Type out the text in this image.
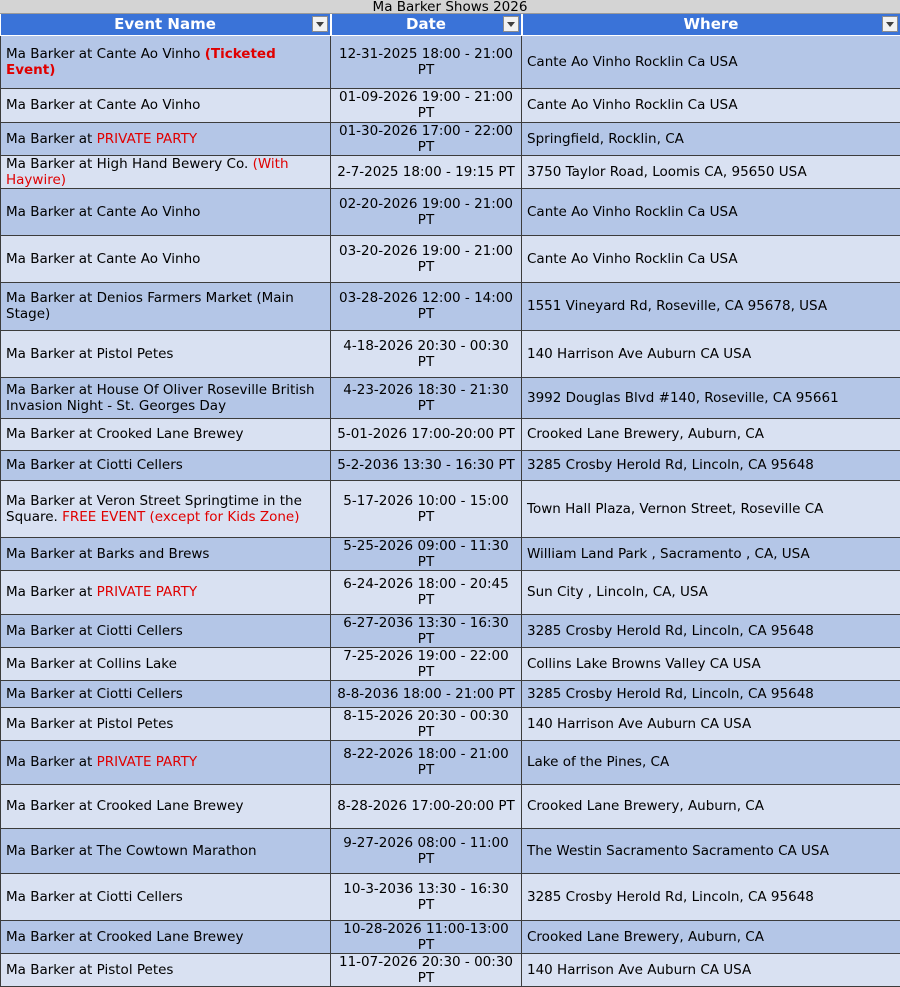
Ma Barker Shows 2026
Event Name	Date	Where

Ma Barker at Cante Ao Vinho (Ticketed Event)	12-31-2025 18:00 - 21:00 PT	Cante Ao Vinho Rocklin Ca USA
Ma Barker at Cante Ao Vinho	01-09-2026 19:00 - 21:00 PT	Cante Ao Vinho Rocklin Ca USA
Ma Barker at PRIVATE PARTY	01-30-2026 17:00 - 22:00 PT	Springfield, Rocklin, CA
Ma Barker at High Hand Bewery Co. (With Haywire)	2-7-2025 18:00 - 19:15 PT	3750 Taylor Road, Loomis CA, 95650 USA
Ma Barker at Cante Ao Vinho	02-20-2026 19:00 - 21:00 PT	Cante Ao Vinho Rocklin Ca USA
Ma Barker at Cante Ao Vinho	03-20-2026 19:00 - 21:00 PT	Cante Ao Vinho Rocklin Ca USA
Ma Barker at Denios Farmers Market (Main Stage)	03-28-2026 12:00 - 14:00 PT	1551 Vineyard Rd, Roseville, CA 95678, USA
Ma Barker at Pistol Petes	4-18-2026 20:30 - 00:30 PT	140 Harrison Ave Auburn CA USA
Ma Barker at House Of Oliver Roseville British Invasion Night - St. Georges Day	4-23-2026 18:30 - 21:30 PT	3992 Douglas Blvd #140, Roseville, CA 95661
Ma Barker at Crooked Lane Brewey	5-01-2026 17:00-20:00 PT	Crooked Lane Brewery, Auburn, CA
Ma Barker at Ciotti Cellers	5-2-2036 13:30 - 16:30 PT	3285 Crosby Herold Rd, Lincoln, CA 95648
Ma Barker at Veron Street Springtime in the Square. FREE EVENT (except for Kids Zone)	5-17-2026 10:00 - 15:00 PT	Town Hall Plaza, Vernon Street, Roseville CA
Ma Barker at Barks and Brews	5-25-2026 09:00 - 11:30 PT	William Land Park , Sacramento , CA, USA
Ma Barker at PRIVATE PARTY	6-24-2026 18:00 - 20:45 PT	Sun City , Lincoln, CA, USA
Ma Barker at Ciotti Cellers	6-27-2036 13:30 - 16:30 PT	3285 Crosby Herold Rd, Lincoln, CA 95648
Ma Barker at Collins Lake	7-25-2026 19:00 - 22:00 PT	Collins Lake Browns Valley CA USA
Ma Barker at Ciotti Cellers	8-8-2036 18:00 - 21:00 PT	3285 Crosby Herold Rd, Lincoln, CA 95648
Ma Barker at Pistol Petes	8-15-2026 20:30 - 00:30 PT	140 Harrison Ave Auburn CA USA
Ma Barker at PRIVATE PARTY	8-22-2026 18:00 - 21:00 PT	Lake of the Pines, CA
Ma Barker at Crooked Lane Brewey	8-28-2026 17:00-20:00 PT	Crooked Lane Brewery, Auburn, CA
Ma Barker at The Cowtown Marathon	9-27-2026 08:00 - 11:00 PT	The Westin Sacramento Sacramento CA USA
Ma Barker at Ciotti Cellers	10-3-2036 13:30 - 16:30 PT	3285 Crosby Herold Rd, Lincoln, CA 95648
Ma Barker at Crooked Lane Brewey	10-28-2026 11:00-13:00 PT	Crooked Lane Brewery, Auburn, CA
Ma Barker at Pistol Petes	11-07-2026 20:30 - 00:30 PT	140 Harrison Ave Auburn CA USA
